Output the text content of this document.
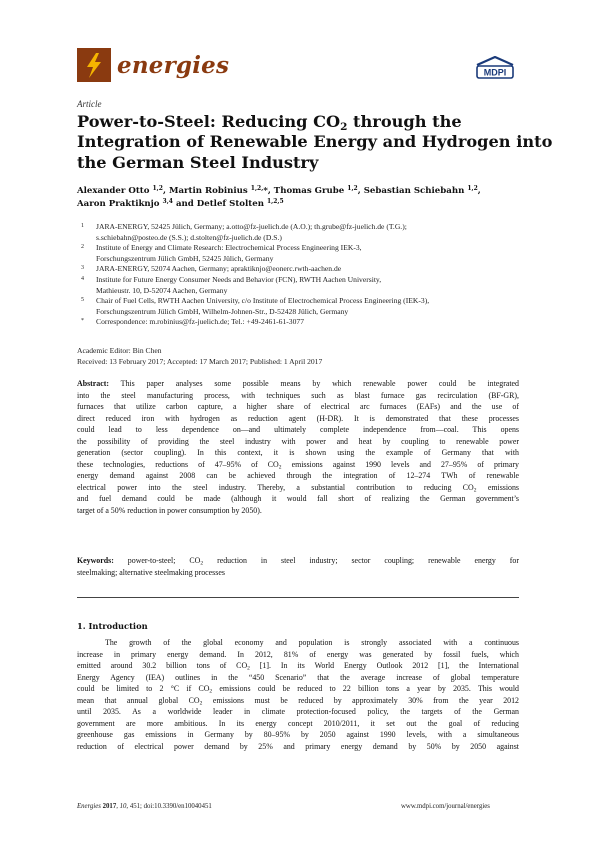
energies	MDPI
Article
Power-to-Steel: Reducing $CO_2$ through the
Integration of Renewable Energy and Hydrogen into
the German Steel Industry
Alexander Otto $^{1,2}$, Martin Robinius $^{1,2,}$*, Thomas Grube $^{1,2}$, Sebastian Schiebahn $^{1,2}$,
Aaron Praktiknjo $^{3,4}$ and Detlef Stolten $^{1,2,5}$
1	JARA-ENERGY, 52425 Jülich, Germany; a.otto@fz-juelich.de (A.O.); th.grube@fz-juelich.de (T.G.);
s.schiebahn@posteo.de (S.S.); d.stolten@fz-juelich.de (D.S.)
2	Institute of Energy and Climate Research: Electrochemical Process Engineering IEK-3,
Forschungszentrum Jülich GmbH, 52425 Jülich, Germany
3	JARA-ENERGY, 52074 Aachen, Germany; apraktiknjo@eonerc.rwth-aachen.de
4	Institute for Future Energy Consumer Needs and Behavior (FCN), RWTH Aachen University,
Mathieustr. 10, D-52074 Aachen, Germany
5	Chair of Fuel Cells, RWTH Aachen University, c/o Institute of Electrochemical Process Engineering (IEK-3),
Forschungszentrum Jülich GmbH, Wilhelm-Johnen-Str., D-52428 Jülich, Germany
*	Correspondence: m.robinius@fz-juelich.de; Tel.: +49-2461-61-3077
Academic Editor: Bin Chen
Received: 13 February 2017; Accepted: 17 March 2017; Published: 1 April 2017
Abstract: This paper analyses some possible means by which renewable power could be integrated
into the steel manufacturing process, with techniques such as blast furnace gas recirculation (BF-GR),
furnaces that utilize carbon capture, a higher share of electrical arc furnaces (EAFs) and the use of
direct reduced iron with hydrogen as reduction agent (H-DR). It is demonstrated that these processes
could lead to less dependence on—and ultimately complete independence from—coal. This opens
the possibility of providing the steel industry with power and heat by coupling to renewable power
generation (sector coupling). In this context, it is shown using the example of Germany that with
these technologies, reductions of 47–95% of $CO_2$ emissions against 1990 levels and 27–95% of primary
energy demand against 2008 can be achieved through the integration of 12–274 TWh of renewable
electrical power into the steel industry. Thereby, a substantial contribution to reducing $CO_2$ emissions
and fuel demand could be made (although it would fall short of realizing the German government’s
target of a 50% reduction in power consumption by 2050).
Keywords: power-to-steel; $CO_2$ reduction in steel industry; sector coupling; renewable energy for
steelmaking; alternative steelmaking processes
1. Introduction
The growth of the global economy and population is strongly associated with a continuous
increase in primary energy demand. In 2012, 81% of energy was generated by fossil fuels, which
emitted around 30.2 billion tons of $CO_2$ [1]. In its World Energy Outlook 2012 [1], the International
Energy Agency (IEA) outlines in the “450 Scenario” that the average increase of global temperature
could be limited to 2 °C if $CO_2$ emissions could be reduced to 22 billion tons a year by 2035. This would
mean that annual global $CO_2$ emissions must be reduced by approximately 30% from the year 2012
until 2035. As a worldwide leader in climate protection-focused policy, the targets of the German
government are more ambitious. In its energy concept 2010/2011, it set out the goal of reducing
greenhouse gas emissions in Germany by 80–95% by 2050 against 1990 levels, with a simultaneous
reduction of electrical power demand by 25% and primary energy demand by 50% by 2050 against
Energies 2017, 10, 451; doi:10.3390/en10040451	www.mdpi.com/journal/energies
